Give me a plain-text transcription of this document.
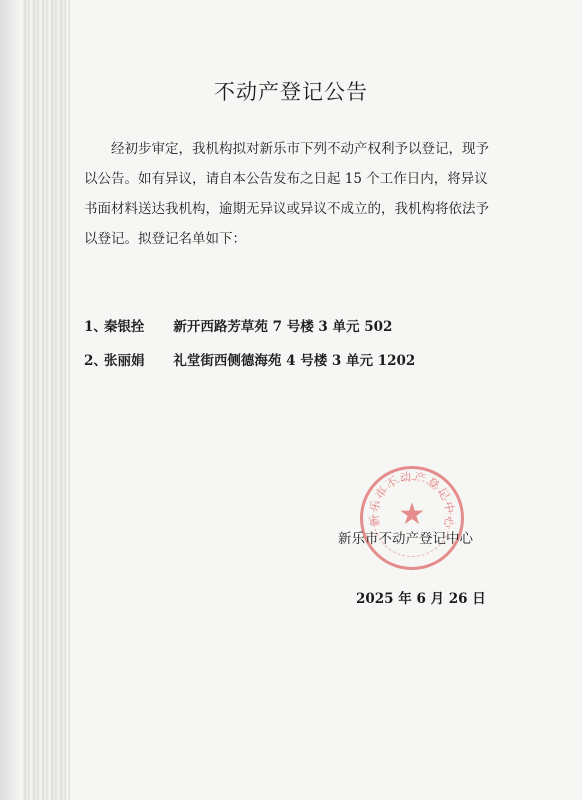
不动产登记公告

经初步审定，我机构拟对新乐市下列不动产权利予以登记，现予以公告。如有异议，请自本公告发布之日起 15 个工作日内，将异议书面材料送达我机构，逾期无异议或异议不成立的，我机构将依法予以登记。拟登记名单如下：

1、秦银拴 新开西路芳草苑 7 号楼 3 单元 502
2、张丽娟 礼堂街西侧德海苑 4 号楼 3 单元 1202
★
新乐市不动产登记中心
新乐市不动产登记中心
2025 年 6 月 26 日
